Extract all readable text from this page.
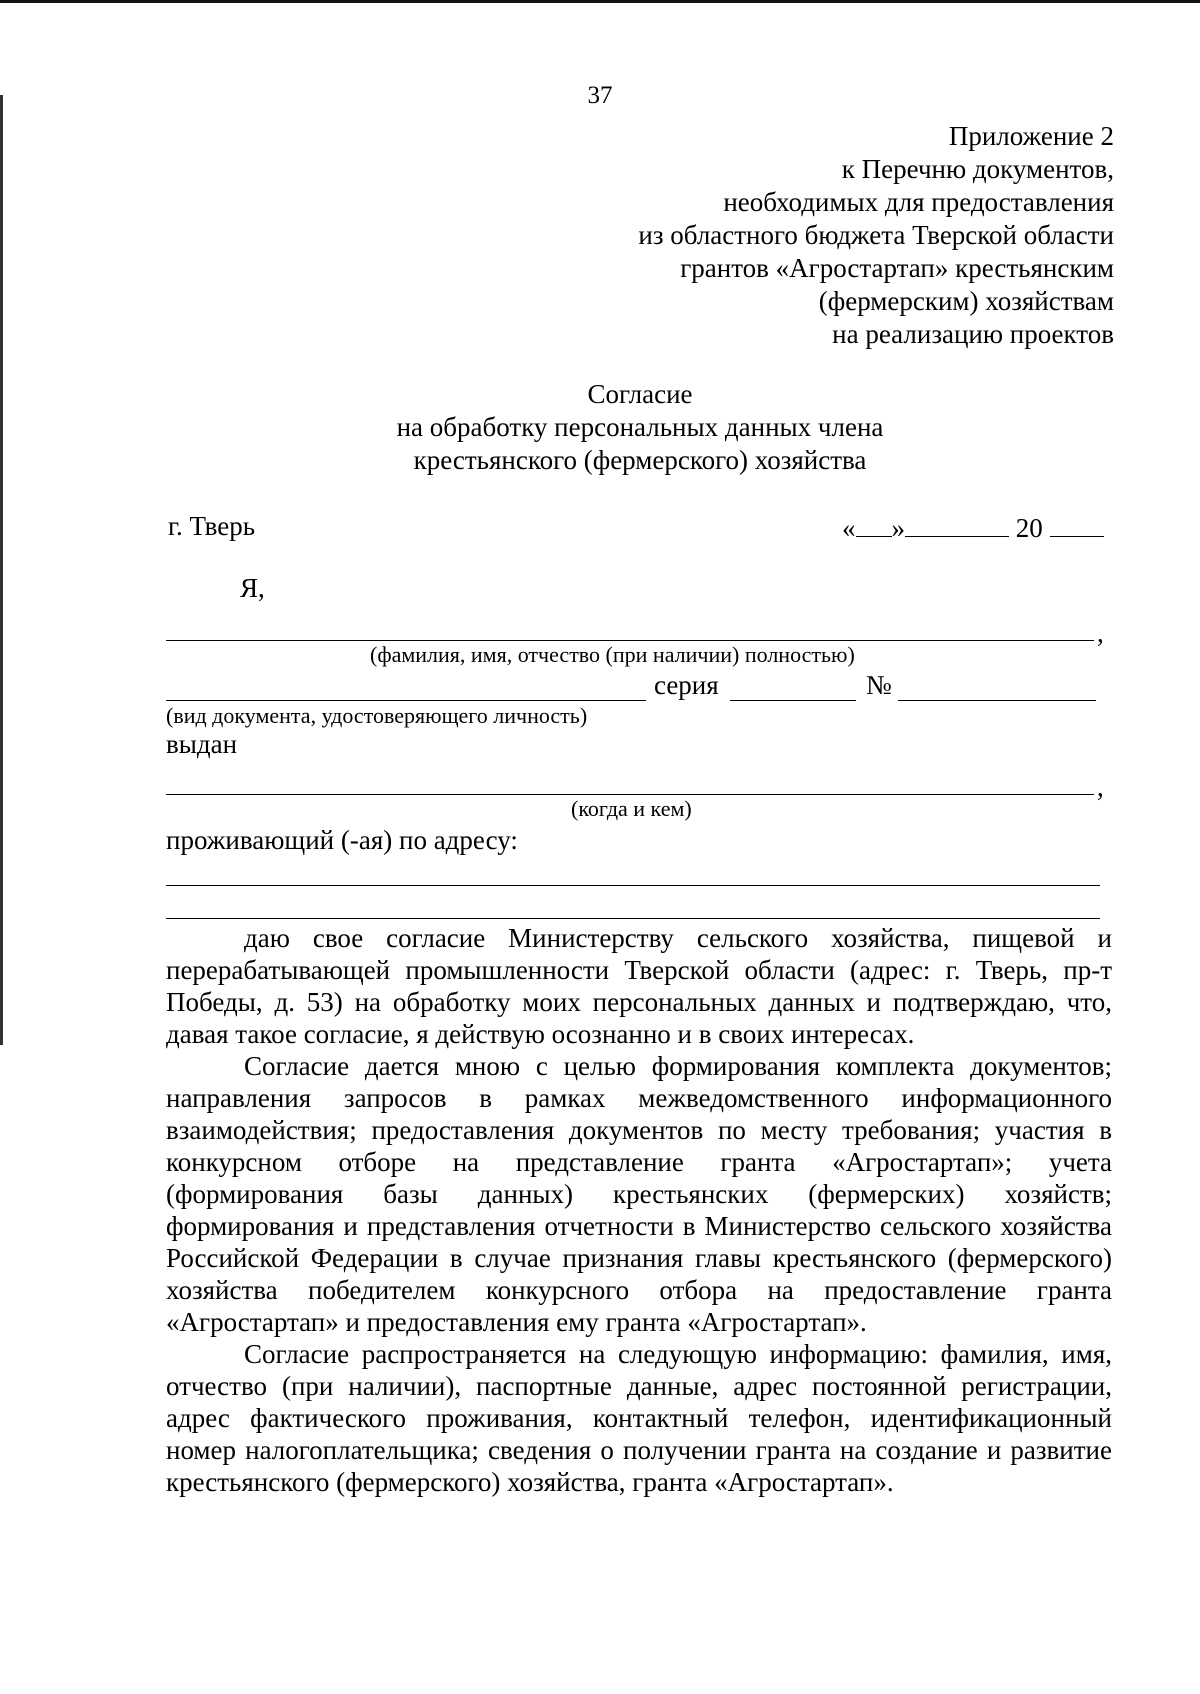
37
Приложение 2
к Перечню документов,
необходимых для предоставления
из областного бюджета Тверской области
грантов «Агростартап» крестьянским
(фермерским) хозяйствам
на реализацию проектов
Согласие
на обработку персональных данных члена
крестьянского (фермерского) хозяйства
г. Тверь	« »	20
Я,
,
(фамилия, имя, отчество (при наличии) полностью)
серия	№
(вид документа, удостоверяющего личность)
выдан
,
(когда и кем)
проживающий (-ая) по адресу:

даю свое согласие Министерству сельского хозяйства, пищевой и перерабатывающей промышленности Тверской области (адрес: г. Тверь, пр-т Победы, д. 53) на обработку моих персональных данных и подтверждаю, что, давая такое согласие, я действую осознанно и в своих интересах.

Согласие дается мною с целью формирования комплекта документов; направления запросов в рамках межведомственного информационного взаимодействия; предоставления документов по месту требования; участия в конкурсном отборе на представление гранта «Агростартап»; учета (формирования базы данных) крестьянских (фермерских) хозяйств; формирования и представления отчетности в Министерство сельского хозяйства Российской Федерации в случае признания главы крестьянского (фермерского) хозяйства победителем конкурсного отбора на предоставление гранта «Агростартап» и предоставления ему гранта «Агростартап».

Согласие распространяется на следующую информацию: фамилия, имя, отчество (при наличии), паспортные данные, адрес постоянной регистрации, адрес фактического проживания, контактный телефон, идентификационный номер налогоплательщика; сведения о получении гранта на создание и развитие крестьянского (фермерского) хозяйства, гранта «Агростартап».
